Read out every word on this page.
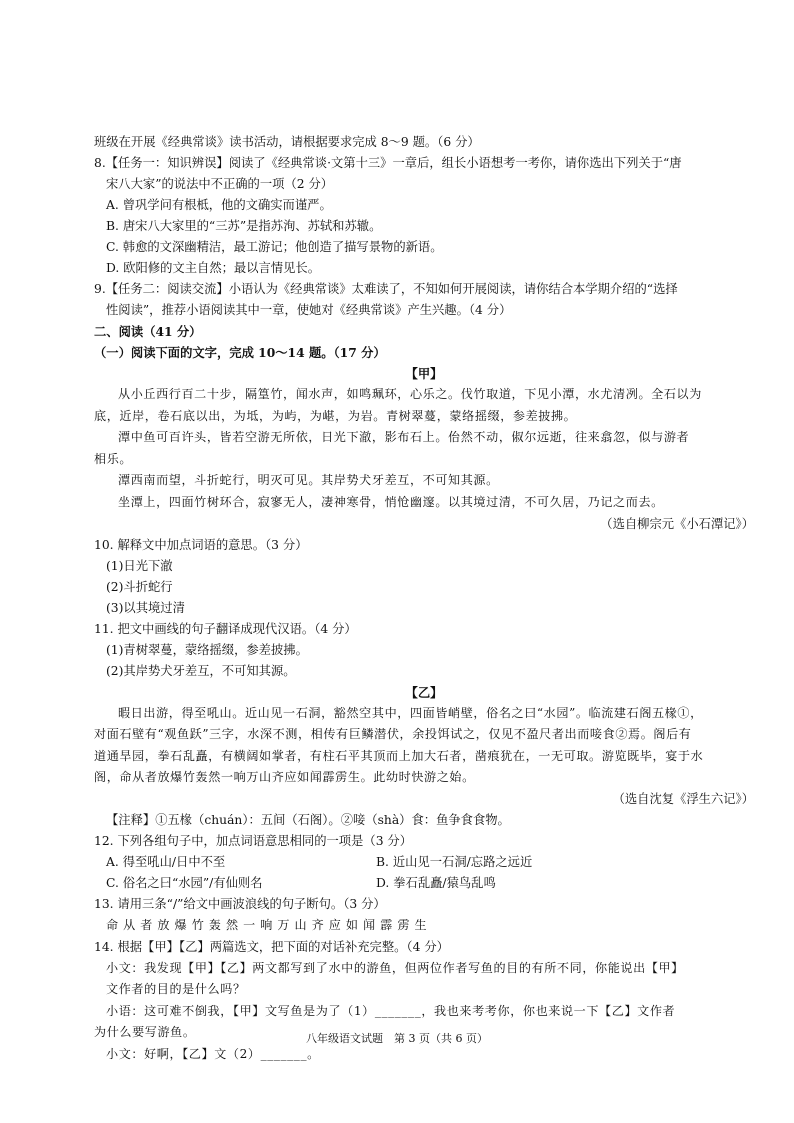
班级在开展《经典常谈》读书活动，请根据要求完成 8～9 题。（6 分）

8.【任务一：知识辨误】阅读了《经典常谈·文第十三》一章后，组长小语想考一考你，请你选出下列关于“唐

宋八大家”的说法中不正确的一项（2 分）

A. 曾巩学问有根柢，他的文确实而谨严。

B. 唐宋八大家里的“三苏”是指苏洵、苏轼和苏辙。

C. 韩愈的文深幽精洁，最工游记；他创造了描写景物的新语。

D. 欧阳修的文主自然；最以言情见长。

9.【任务二：阅读交流】小语认为《经典常谈》太难读了，不知如何开展阅读，请你结合本学期介绍的“选择

性阅读”，推荐小语阅读其中一章，使她对《经典常谈》产生兴趣。（4 分）

二、阅读（41 分）

（一）阅读下面的文字，完成 10～14 题。（17 分）

【甲】

从小丘西行百二十步，隔篁竹，闻水声，如鸣珮环，心乐之。伐竹取道，下见小潭，水尤清冽。全石以为

底，近岸，卷石底以出，为坻，为屿，为嵁，为岩。青树翠蔓，蒙络摇缀，参差披拂。

潭中鱼可百许头，皆若空游无所依，日光下澈，影布石上。佁然不动，俶尔远逝，往来翕忽，似与游者

相乐。

潭西南而望，斗折蛇行，明灭可见。其岸势犬牙差互，不可知其源。

坐潭上，四面竹树环合，寂寥无人，凄神寒骨，悄怆幽邃。以其境过清，不可久居，乃记之而去。

（选自柳宗元《小石潭记》）

10. 解释文中加点词语的意思。（3 分）

(1)日光下澈

(2)斗折蛇行

(3)以其境过清

11. 把文中画线的句子翻译成现代汉语。（4 分）

(1)青树翠蔓，蒙络摇缀，参差披拂。

(2)其岸势犬牙差互，不可知其源。

【乙】

暇日出游，得至吼山。近山见一石洞，豁然空其中，四面皆峭壁，俗名之曰“水园”。临流建石阁五椽①，

对面石壁有“观鱼跃”三字，水深不测，相传有巨鳞潜伏，余投饵试之，仅见不盈尺者出而唼食②焉。阁后有

道通旱园，拳石乱矗，有横阔如掌者，有柱石平其顶而上加大石者，凿痕犹在，一无可取。游览既毕，宴于水

阁，命从者放爆竹轰然一响万山齐应如闻霹雳生。此幼时快游之始。

（选自沈复《浮生六记》）

【注释】①五椽（chuán）：五间（石阁）。②唼（shà）食：鱼争食食物。

12. 下列各组句子中，加点词语意思相同的一项是（3 分）

A. 得至吼山/日中不至	B. 近山见一石洞/忘路之远近

C. 俗名之曰“水园”/有仙则名	D. 拳石乱矗/猿鸟乱鸣

13. 请用三条“/”给文中画波浪线的句子断句。（3 分）

命 从 者 放 爆 竹 轰 然 一 响 万 山 齐 应 如 闻 霹 雳 生

14. 根据【甲】【乙】两篇选文，把下面的对话补充完整。（4 分）

小文：我发现【甲】【乙】两文都写到了水中的游鱼，但两位作者写鱼的目的有所不同，你能说出【甲】

文作者的目的是什么吗？

小语：这可难不倒我，【甲】文写鱼是为了（1）_______，我也来考考你，你也来说一下【乙】文作者

为什么要写游鱼。

小文：好啊，【乙】文（2）_______。

八年级语文试题　第 3 页（共 6 页）
